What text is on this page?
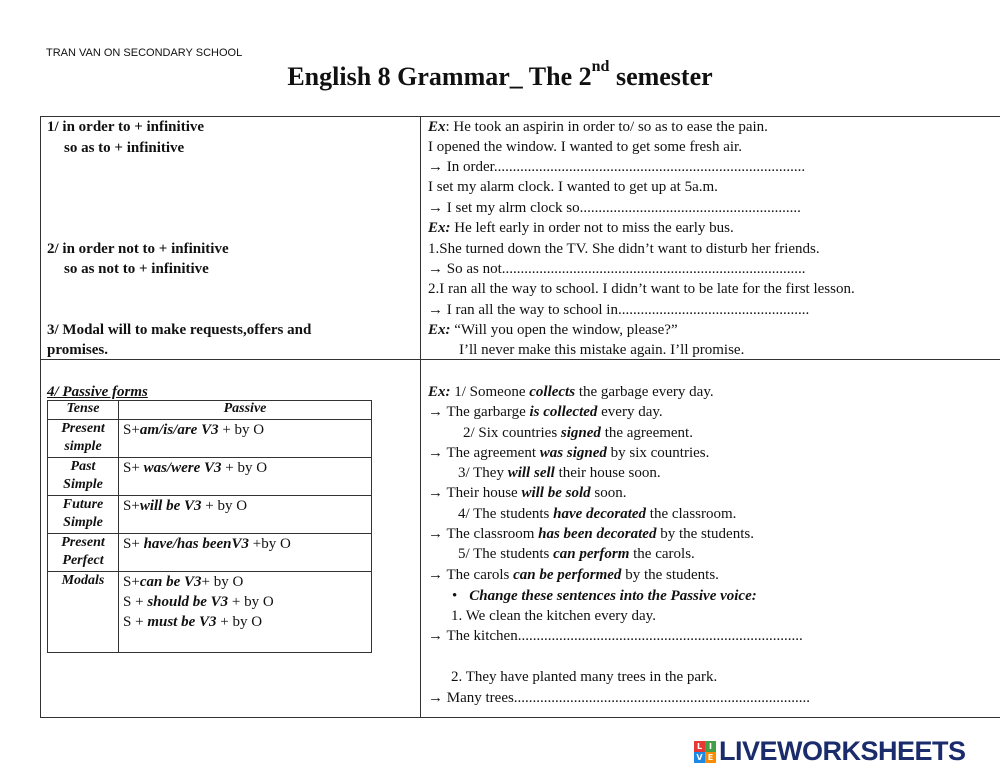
TRAN VAN ON SECONDARY SCHOOL
English 8 Grammar_ The 2nd semester
1/ in order to + infinitive
so as to + infinitive
2/ in order not to + infinitive
so as not to + infinitive
3/ Modal will to make requests,offers and
promises.
4/ Passive forms
Tense	Passive
Present simple	S+am/is/are V3 + by O
Past Simple	S+ was/were V3 + by O
Future Simple	S+will be V3 + by O
Present Perfect	S+ have/has beenV3 +by O
Modals	S+can be V3+ by O
S + should be V3 + by O
S + must be V3 + by O
Ex: He took an aspirin in order to/ so as to ease the pain.
I opened the window. I wanted to get some fresh air.
→ In order...................................................................................
I set my alarm clock. I wanted to get up at 5a.m.
→ I set my alrm clock so...........................................................
Ex: He left early in order not to miss the early bus.
1.She turned down the TV. She didn’t want to disturb her friends.
→ So as not.................................................................................
2.I ran all the way to school. I didn’t want to be late for the first lesson.
→ I ran all the way to school in...................................................
Ex: “Will you open the window, please?”
I’ll never make this mistake again. I’ll promise.
Ex: 1/ Someone collects the garbage every day.
→ The garbarge is collected every day.
2/ Six countries signed the agreement.
→ The agreement was signed by six countries.
3/ They will sell their house soon.
→ Their house will be sold soon.
4/ The students have decorated the classroom.
→ The classroom has been decorated by the students.
5/ The students can perform the carols.
→ The carols can be performed by the students.
• Change these sentences into the Passive voice:
1. We clean the kitchen every day.
→ The kitchen............................................................................
2. They have planted many trees in the park.
→ Many trees...............................................................................
L I
V E LIVEWORKSHEETS
